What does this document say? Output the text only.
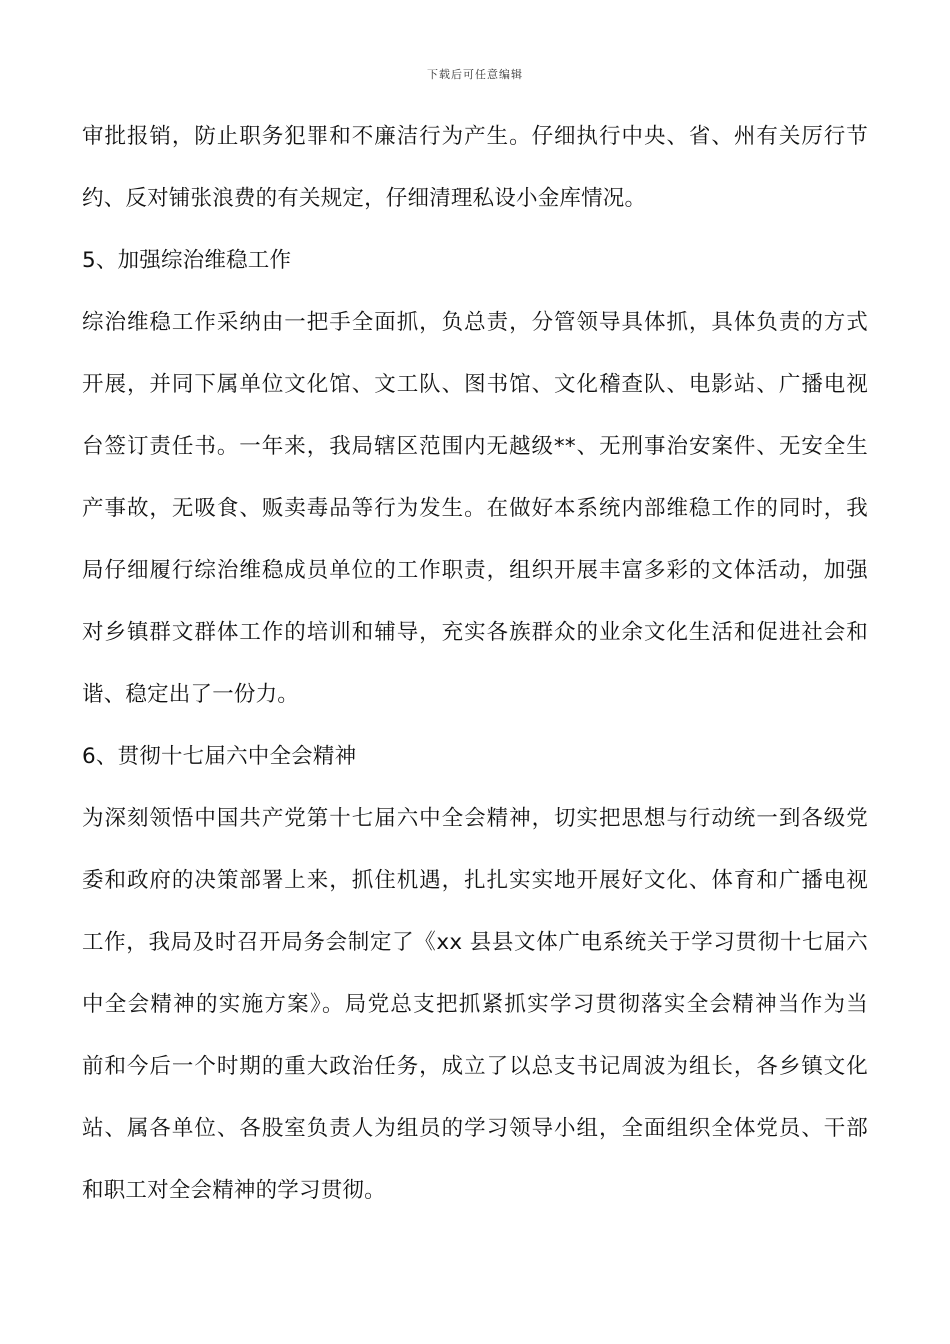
下载后可任意编辑
审批报销，防止职务犯罪和不廉洁行为产生。仔细执行中央、省、州有关厉行节
约、反对铺张浪费的有关规定，仔细清理私设小金库情况。
5、加强综治维稳工作
综治维稳工作采纳由一把手全面抓，负总责，分管领导具体抓，具体负责的方式
开展，并同下属单位文化馆、文工队、图书馆、文化稽查队、电影站、广播电视
台签订责任书。一年来，我局辖区范围内无越级**、无刑事治安案件、无安全生
产事故，无吸食、贩卖毒品等行为发生。在做好本系统内部维稳工作的同时，我
局仔细履行综治维稳成员单位的工作职责，组织开展丰富多彩的文体活动，加强
对乡镇群文群体工作的培训和辅导，充实各族群众的业余文化生活和促进社会和
谐、稳定出了一份力。
6、贯彻十七届六中全会精神
为深刻领悟中国共产党第十七届六中全会精神，切实把思想与行动统一到各级党
委和政府的决策部署上来，抓住机遇，扎扎实实地开展好文化、体育和广播电视
工作，我局及时召开局务会制定了《xx 县县文体广电系统关于学习贯彻十七届六
中全会精神的实施方案》。局党总支把抓紧抓实学习贯彻落实全会精神当作为当
前和今后一个时期的重大政治任务，成立了以总支书记周波为组长，各乡镇文化
站、属各单位、各股室负责人为组员的学习领导小组，全面组织全体党员、干部
和职工对全会精神的学习贯彻。
